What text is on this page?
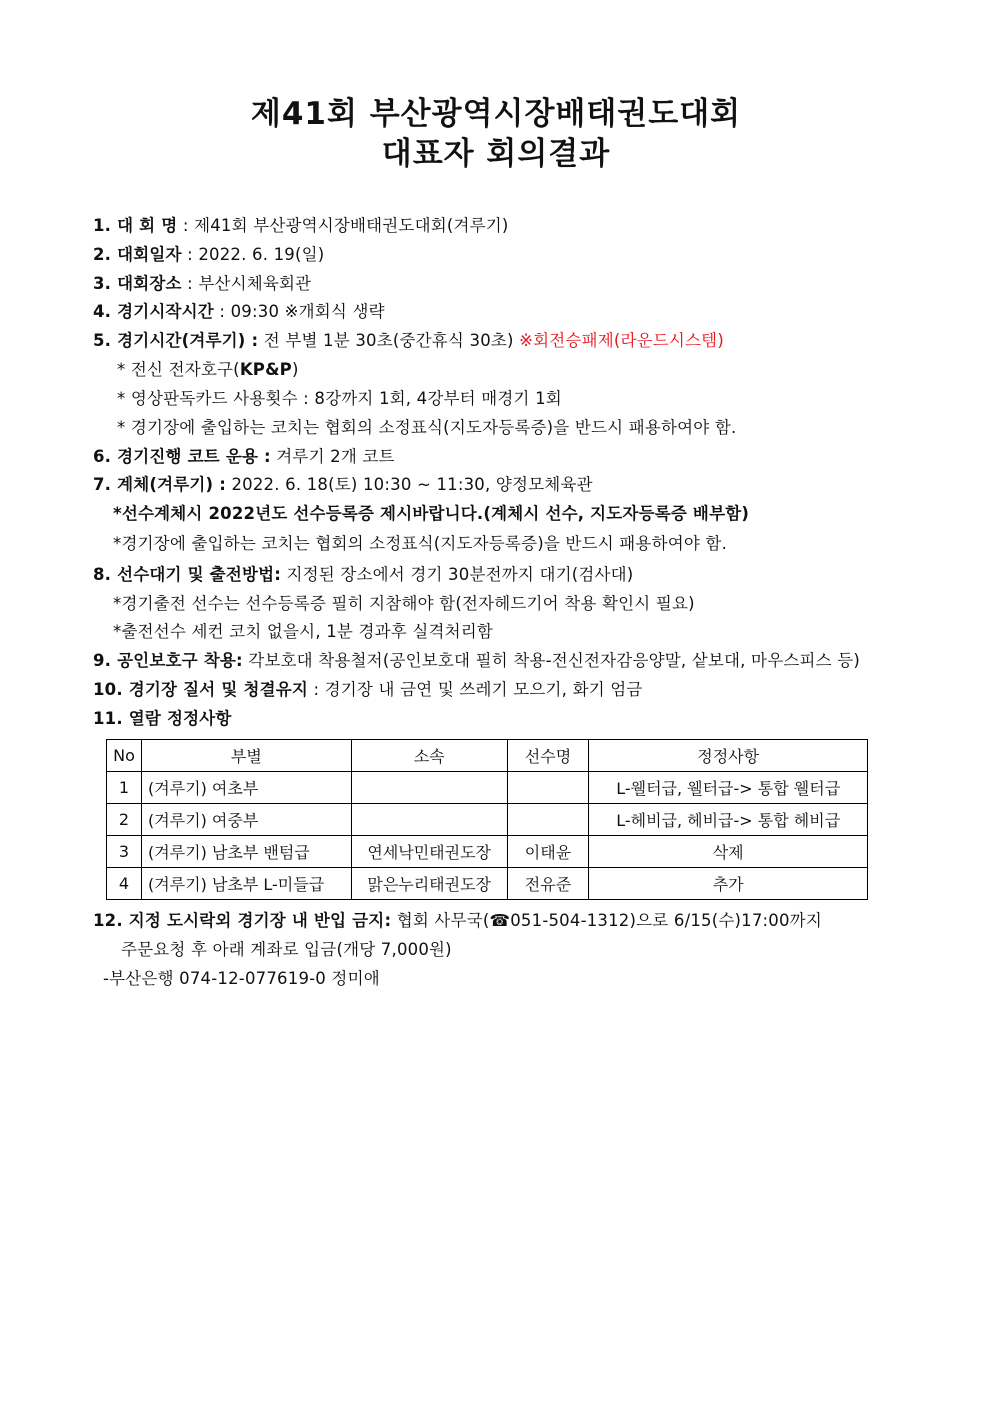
제41회 부산광역시장배태권도대회
대표자 회의결과
1. 대 회 명 : 제41회 부산광역시장배태권도대회(겨루기)
2. 대회일자 : 2022. 6. 19(일)
3. 대회장소 : 부산시체육회관
4. 경기시작시간 : 09:30 ※개회식 생략
5. 경기시간(겨루기) : 전 부별 1분 30초(중간휴식 30초) ※회전승패제(라운드시스템)
* 전신 전자호구(KP&P)
* 영상판독카드 사용횟수 : 8강까지 1회, 4강부터 매경기 1회
* 경기장에 출입하는 코치는 협회의 소정표식(지도자등록증)을 반드시 패용하여야 함.
6. 경기진행 코트 운용 : 겨루기 2개 코트
7. 계체(겨루기) : 2022. 6. 18(토) 10:30 ~ 11:30, 양정모체육관
*선수계체시 2022년도 선수등록증 제시바랍니다.(계체시 선수, 지도자등록증 배부함)
*경기장에 출입하는 코치는 협회의 소정표식(지도자등록증)을 반드시 패용하여야 함.
8. 선수대기 및 출전방법: 지정된 장소에서 경기 30분전까지 대기(검사대)
*경기출전 선수는 선수등록증 필히 지참해야 함(전자헤드기어 착용 확인시 필요)
*출전선수 세컨 코치 없을시, 1분 경과후 실격처리함
9. 공인보호구 착용: 각보호대 착용철저(공인보호대 필히 착용-전신전자감응양말, 샅보대, 마우스피스 등)
10. 경기장 질서 및 청결유지 : 경기장 내 금연 및 쓰레기 모으기, 화기 엄금
11. 열람 정정사항
No	부별	소속	선수명	정정사항
1	(겨루기) 여초부			L-웰터급, 웰터급-> 통합 웰터급
2	(겨루기) 여중부			L-헤비급, 헤비급-> 통합 헤비급
3	(겨루기) 남초부 밴텀급	연세낙민태권도장	이태윤	삭제
4	(겨루기) 남초부 L-미들급	맑은누리태권도장	전유준	추가
12. 지정 도시락외 경기장 내 반입 금지: 협회 사무국(☎051-504-1312)으로 6/15(수)17:00까지
주문요청 후 아래 계좌로 입금(개당 7,000원)
-부산은행 074-12-077619-0 정미애
